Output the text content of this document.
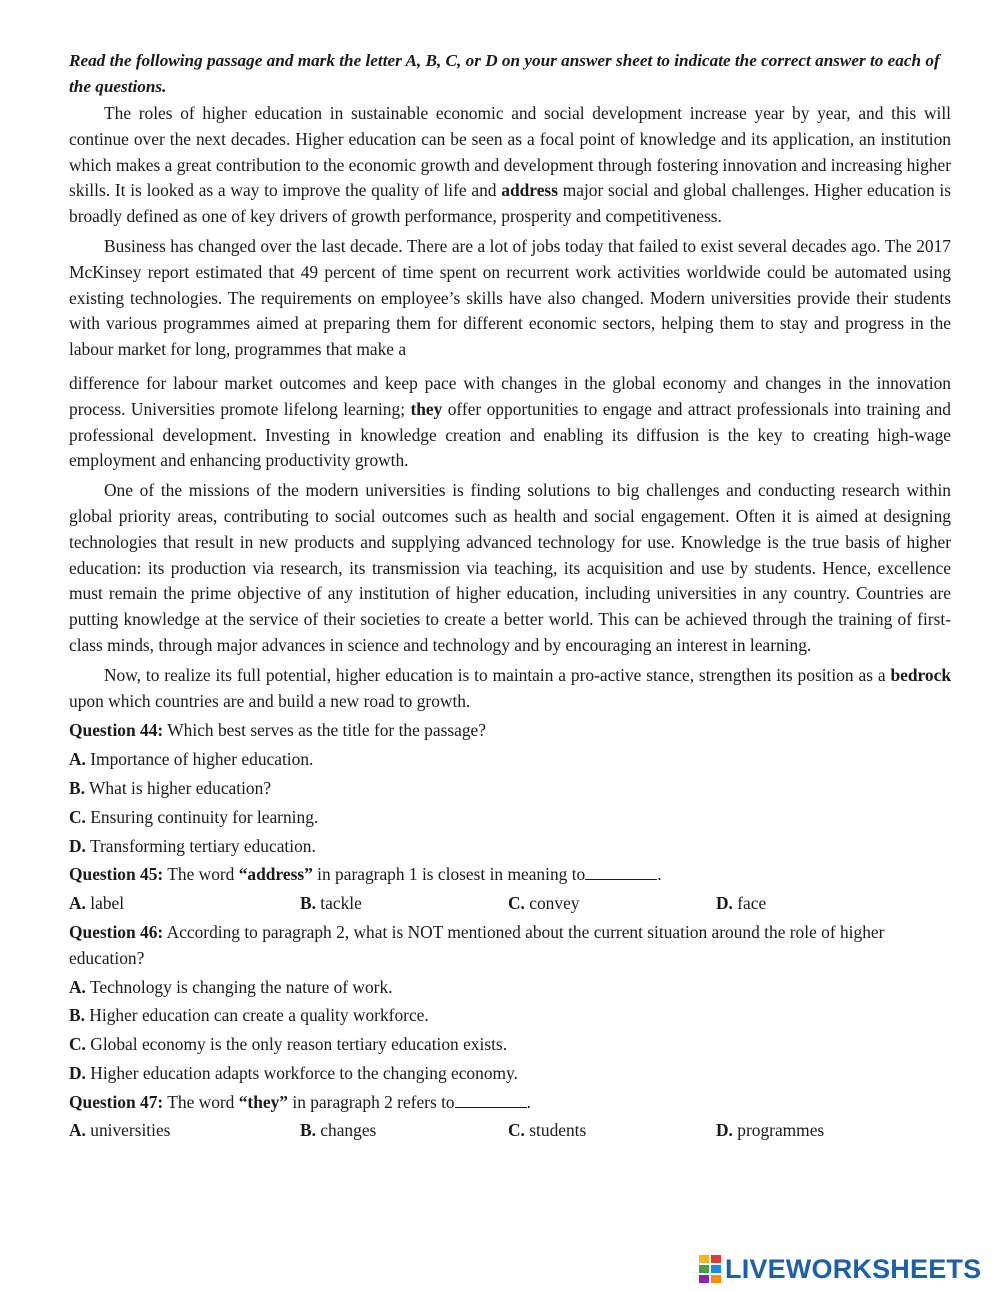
Read the following passage and mark the letter A, B, C, or D on your answer sheet to indicate the correct answer to each of the questions.

The roles of higher education in sustainable economic and social development increase year by year, and this will continue over the next decades. Higher education can be seen as a focal point of knowledge and its application, an institution which makes a great contribution to the economic growth and development through fostering innovation and increasing higher skills. It is looked as a way to improve the quality of life and address major social and global challenges. Higher education is broadly defined as one of key drivers of growth performance, prosperity and competitiveness.

Business has changed over the last decade. There are a lot of jobs today that failed to exist several decades ago. The 2017 McKinsey report estimated that 49 percent of time spent on recurrent work activities worldwide could be automated using existing technologies. The requirements on employee’s skills have also changed. Modern universities provide their students with various programmes aimed at preparing them for different economic sectors, helping them to stay and progress in the labour market for long, programmes that make a

difference for labour market outcomes and keep pace with changes in the global economy and changes in the innovation process. Universities promote lifelong learning; they offer opportunities to engage and attract professionals into training and professional development. Investing in knowledge creation and enabling its diffusion is the key to creating high-wage employment and enhancing productivity growth.

One of the missions of the modern universities is finding solutions to big challenges and conducting research within global priority areas, contributing to social outcomes such as health and social engagement. Often it is aimed at designing technologies that result in new products and supplying advanced technology for use. Knowledge is the true basis of higher education: its production via research, its transmission via teaching, its acquisition and use by students. Hence, excellence must remain the prime objective of any institution of higher education, including universities in any country. Countries are putting knowledge at the service of their societies to create a better world. This can be achieved through the training of first-class minds, through major advances in science and technology and by encouraging an interest in learning.

Now, to realize its full potential, higher education is to maintain a pro-active stance, strengthen its position as a bedrock upon which countries are and build a new road to growth.

Question 44: Which best serves as the title for the passage?

A. Importance of higher education.

B. What is higher education?

C. Ensuring continuity for learning.

D. Transforming tertiary education.

Question 45: The word “address” in paragraph 1 is closest in meaning to	.

A. label	B. tackle	C. convey	D. face

Question 46: According to paragraph 2, what is NOT mentioned about the current situation around the role of higher education?

A. Technology is changing the nature of work.

B. Higher education can create a quality workforce.

C. Global economy is the only reason tertiary education exists.

D. Higher education adapts workforce to the changing economy.

Question 47: The word “they” in paragraph 2 refers to	.

A. universities	B. changes	C. students	D. programmes
LIVEWORKSHEETS
